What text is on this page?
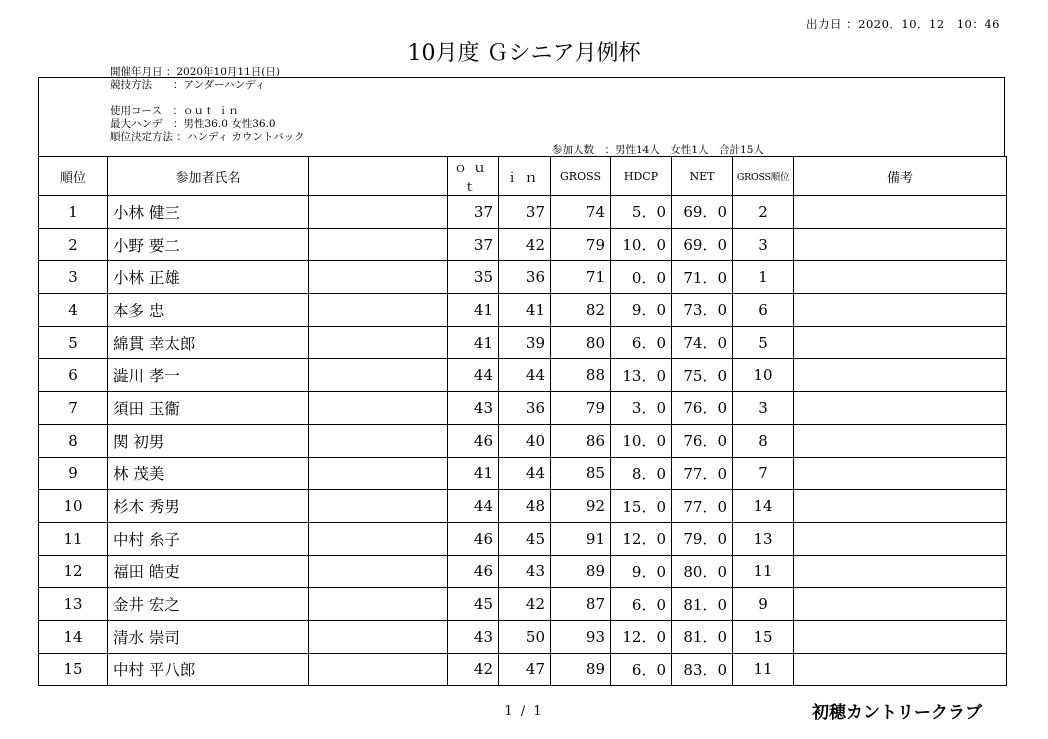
出力日 ：2020．10．12　10：46
10月度 Ｇシニア月例杯
開催年月日 ：2020年10月11日(日)
競技方法　　：アンダーハンディ
使用コース　：ｏｕｔ ｉｎ
最大ハンデ　：男性36.0 女性36.0
順位決定方法 ：ハンディ カウントバック
参加人数　：男性14人　女性1人　合計15人
順位	参加者氏名		ｏｕｔ	ｉｎ	GROSS	HDCP	NET	GROSS順位	備考
1	小林 健三		37	37	74	5．0	69．0	2	
2	小野 要二		37	42	79	10．0	69．0	3	
3	小林 正雄		35	36	71	0．0	71．0	1	
4	本多 忠		41	41	82	9．0	73．0	6	
5	綿貫 幸太郎		41	39	80	6．0	74．0	5	
6	澁川 孝一		44	44	88	13．0	75．0	10	
7	須田 玉衞		43	36	79	3．0	76．0	3	
8	関 初男		46	40	86	10．0	76．0	8	
9	林 茂美		41	44	85	8．0	77．0	7	
10	杉木 秀男		44	48	92	15．0	77．0	14	
11	中村 糸子		46	45	91	12．0	79．0	13	
12	福田 皓吏		46	43	89	9．0	80．0	11	
13	金井 宏之		45	42	87	6．0	81．0	9	
14	清水 崇司		43	50	93	12．0	81．0	15	
15	中村 平八郎		42	47	89	6．0	83．0	11	
1 / 1	初穂カントリークラブ
